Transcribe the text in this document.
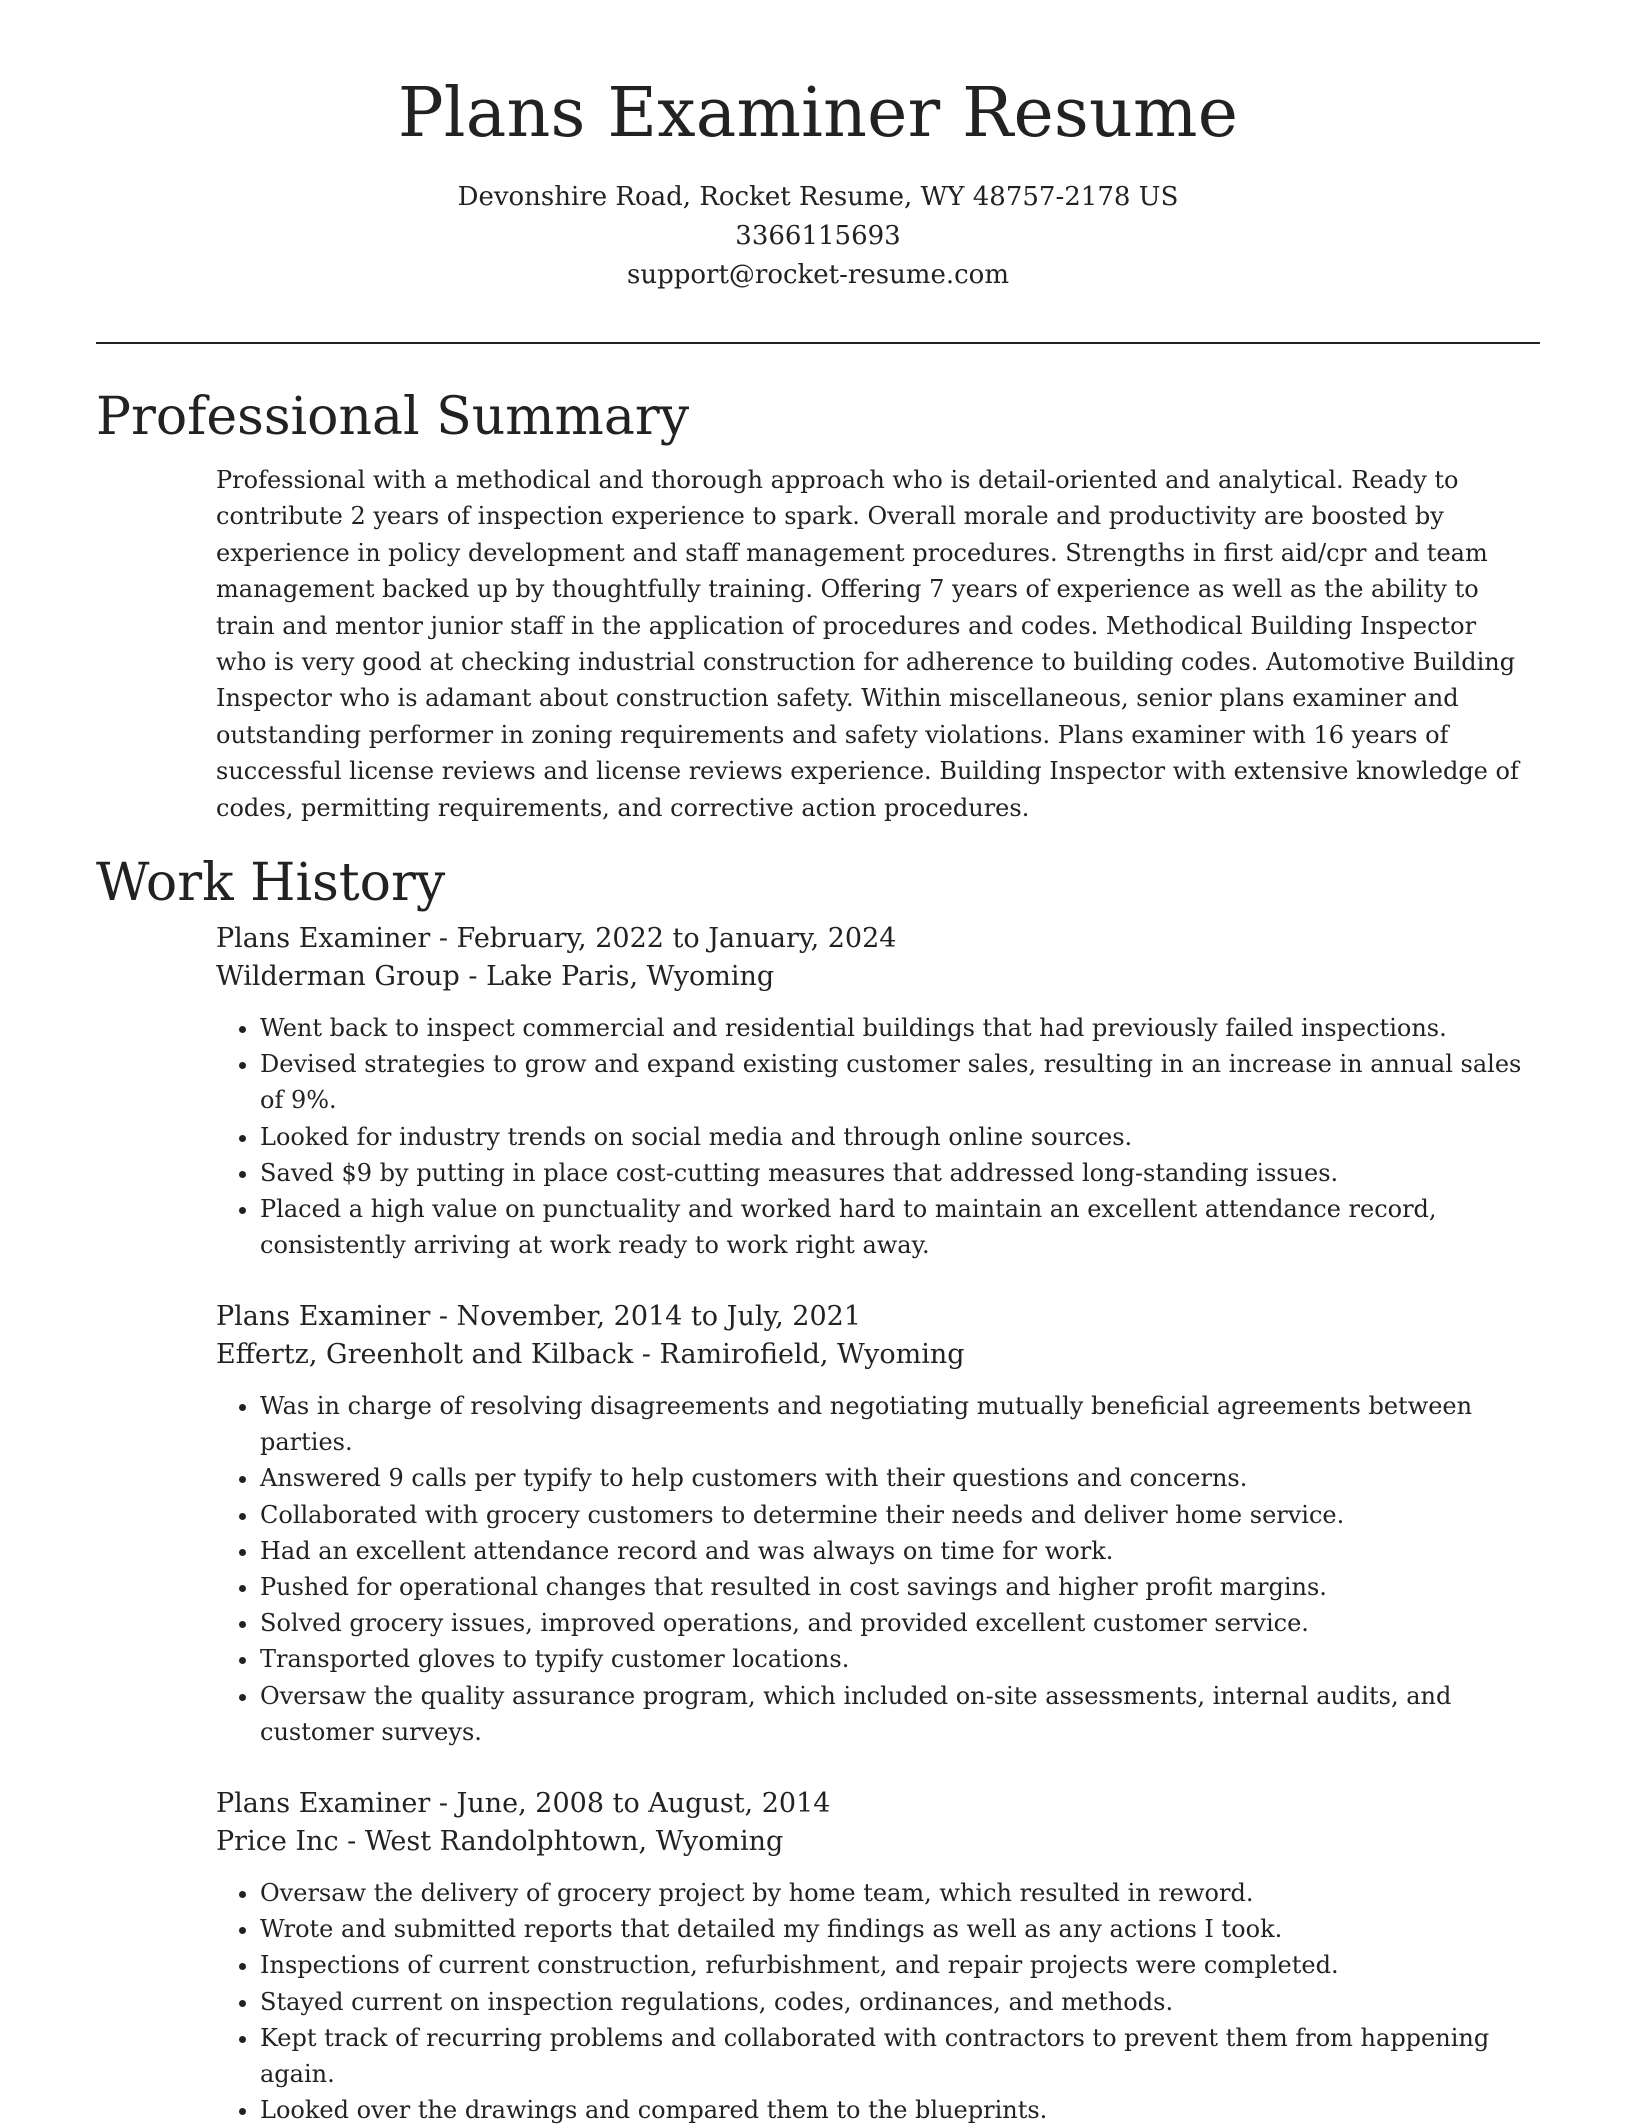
Plans Examiner Resume
Devonshire Road, Rocket Resume, WY 48757-2178 US
3366115693
support@rocket-resume.com
Professional Summary

Professional with a methodical and thorough approach who is detail-oriented and analytical. Ready to contribute 2 years of inspection experience to spark. Overall morale and productivity are boosted by experience in policy development and staff management procedures. Strengths in first aid/cpr and team management backed up by thoughtfully training. Offering 7 years of experience as well as the ability to train and mentor junior staff in the application of procedures and codes. Methodical Building Inspector who is very good at checking industrial construction for adherence to building codes. Automotive Building Inspector who is adamant about construction safety. Within miscellaneous, senior plans examiner and outstanding performer in zoning requirements and safety violations. Plans examiner with 16 years of successful license reviews and license reviews experience. Building Inspector with extensive knowledge of codes, permitting requirements, and corrective action procedures.

Work History
Plans Examiner - February, 2022 to January, 2024
Wilderman Group - Lake Paris, Wyoming
• Went back to inspect commercial and residential buildings that had previously failed inspections.
• Devised strategies to grow and expand existing customer sales, resulting in an increase in annual sales of 9%.
• Looked for industry trends on social media and through online sources.
• Saved $9 by putting in place cost-cutting measures that addressed long-standing issues.
• Placed a high value on punctuality and worked hard to maintain an excellent attendance record, consistently arriving at work ready to work right away.
Plans Examiner - November, 2014 to July, 2021
Effertz, Greenholt and Kilback - Ramirofield, Wyoming
• Was in charge of resolving disagreements and negotiating mutually beneficial agreements between parties.
• Answered 9 calls per typify to help customers with their questions and concerns.
• Collaborated with grocery customers to determine their needs and deliver home service.
• Had an excellent attendance record and was always on time for work.
• Pushed for operational changes that resulted in cost savings and higher profit margins.
• Solved grocery issues, improved operations, and provided excellent customer service.
• Transported gloves to typify customer locations.
• Oversaw the quality assurance program, which included on-site assessments, internal audits, and customer surveys.
Plans Examiner - June, 2008 to August, 2014
Price Inc - West Randolphtown, Wyoming
• Oversaw the delivery of grocery project by home team, which resulted in reword.
• Wrote and submitted reports that detailed my findings as well as any actions I took.
• Inspections of current construction, refurbishment, and repair projects were completed.
• Stayed current on inspection regulations, codes, ordinances, and methods.
• Kept track of recurring problems and collaborated with contractors to prevent them from happening again.
• Looked over the drawings and compared them to the blueprints.
